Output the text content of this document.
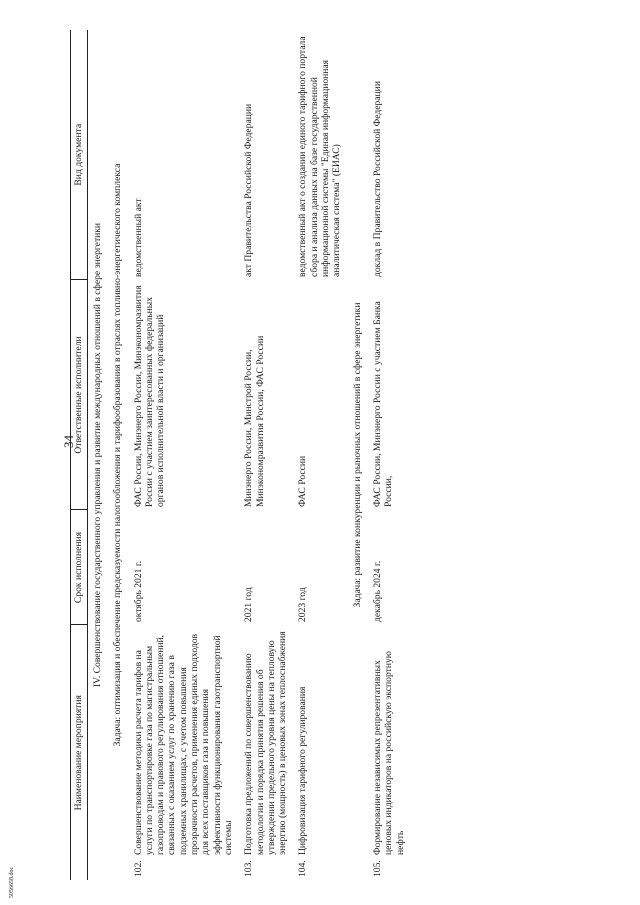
34
Наименование мероприятия	Срок исполнения	Ответственные исполнители	Вид документа
IV. Совершенствование государственного управления и развитие международных отношений в сфере энергетики			
Задача: оптимизация и обеспечение предсказуемости налогообложения и тарифообразования в отраслях топливно-энергетического комплекса			

102.
Совершенствование методики расчета тарифов на услуги по транспортировке газа по магистральным газопроводам и правового регулирования отношений, связанных с оказанием услуг по хранению газа в подземных хранилищах, с учетом повышения прозрачности расчетов, применения единых подходов для всех поставщиков газа и повышения эффективности функционирования газотранспортной системы	октябрь 2021 г.	ФАС России, Минэнерго России, Минэкономразвития России с участием заинтересованных федеральных органов исполнительной власти и организаций	ведомственный акт

103.
Подготовка предложений по совершенствованию методологии и порядка принятия решения об утверждении предельного уровня цены на тепловую энергию (мощность) в ценовых зонах теплоснабжения	2021 год	Минэнерго России, Минстрой России, Минэкономразвития России, ФАС России	акт Правительства Российской Федерации

104.
Цифровизация тарифного регулирования	2023 год	ФАС России	ведомственный акт о создании единого тарифного портала сбора и анализа данных на базе государственной информационной системы "Единая информационная аналитическая система" (ЕИАС)
Задача: развитие конкуренции и рыночных отношений в сфере энергетики			

105.
Формирование независимых репрезентативных ценовых индикаторов на российскую экспортную нефть	декабрь 2024 г.	ФАС России, Минэнерго России с участием Банка России,	доклад в Правительство Российской Федерации
5056658.doc
